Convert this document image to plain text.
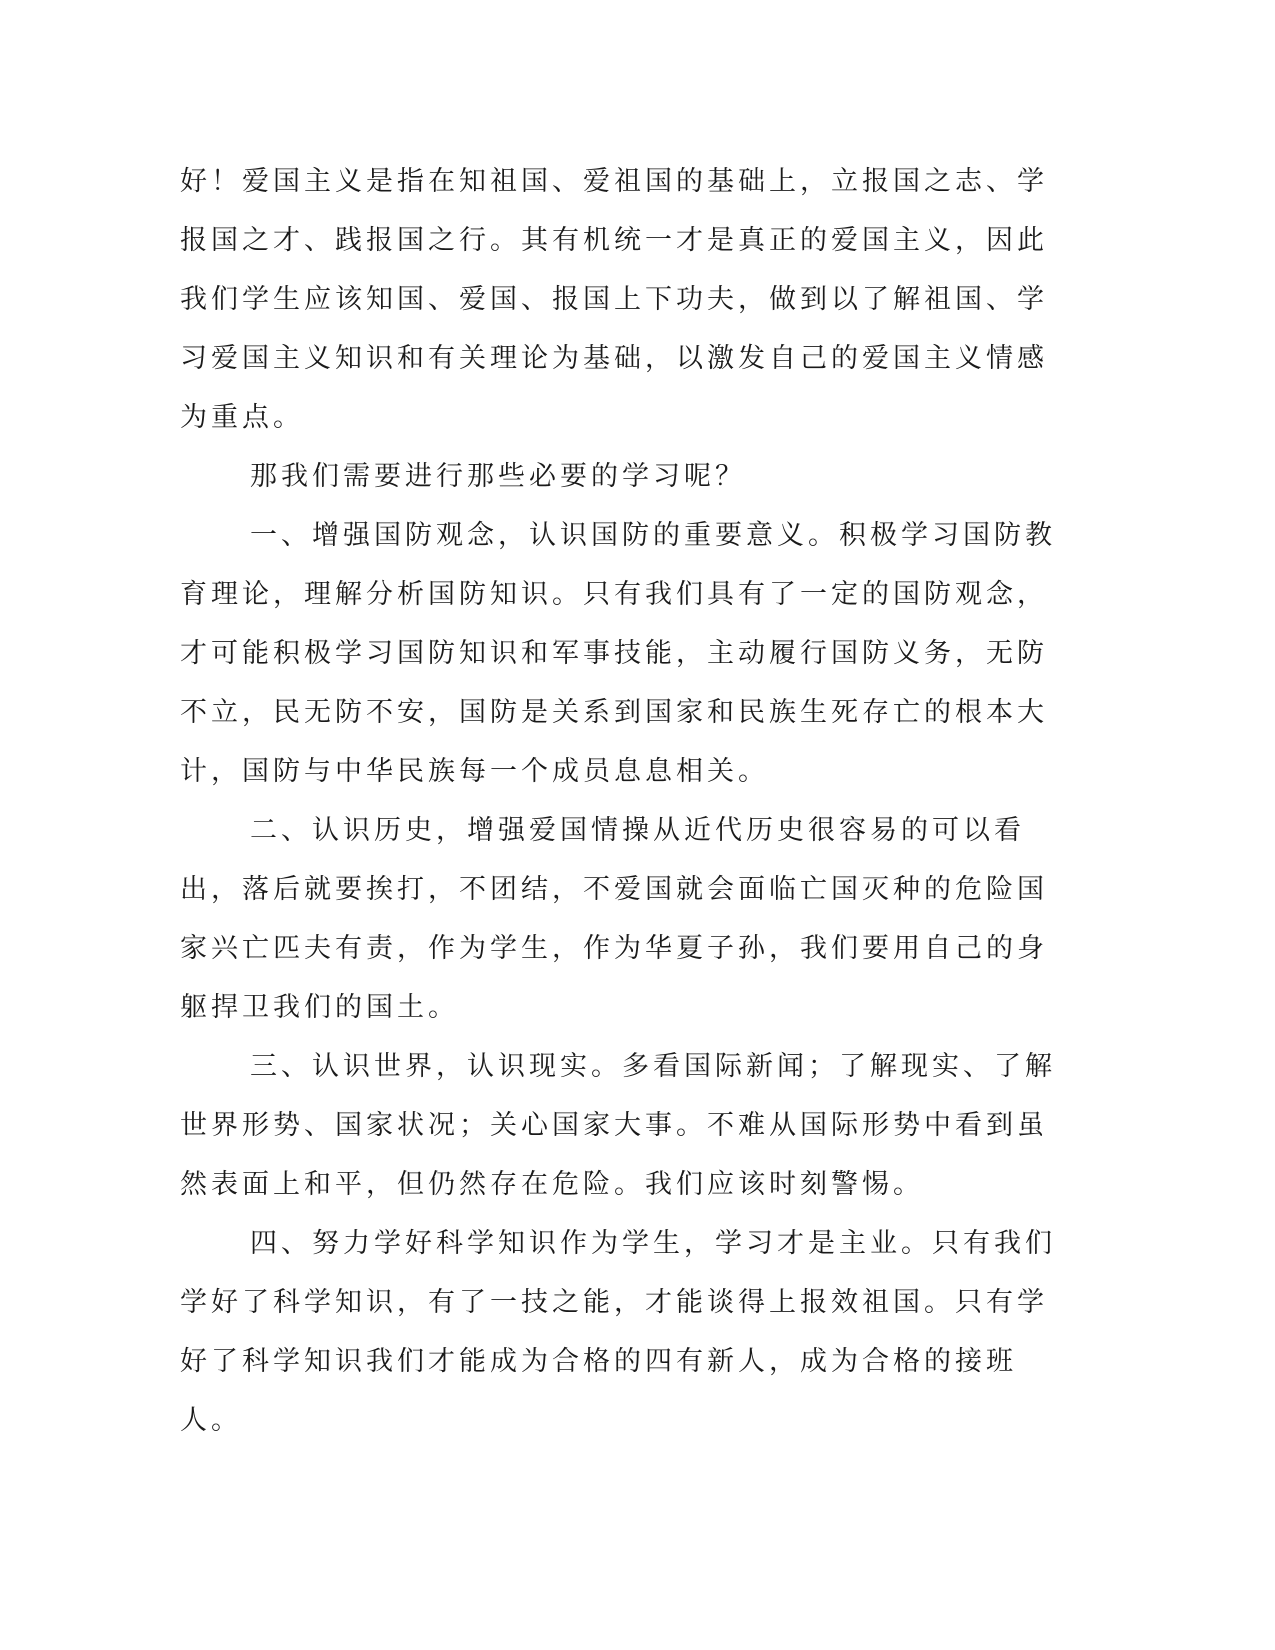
好！爱国主义是指在知祖国、爱祖国的基础上，立报国之志、学报国之才、践报国之行。其有机统一才是真正的爱国主义，因此我们学生应该知国、爱国、报国上下功夫，做到以了解祖国、学习爱国主义知识和有关理论为基础，以激发自己的爱国主义情感为重点。

那我们需要进行那些必要的学习呢？

一、增强国防观念，认识国防的重要意义。积极学习国防教育理论，理解分析国防知识。只有我们具有了一定的国防观念，才可能积极学习国防知识和军事技能，主动履行国防义务，无防不立，民无防不安，国防是关系到国家和民族生死存亡的根本大计，国防与中华民族每一个成员息息相关。

二、认识历史，增强爱国情操从近代历史很容易的可以看出，落后就要挨打，不团结，不爱国就会面临亡国灭种的危险国家兴亡匹夫有责，作为学生，作为华夏子孙，我们要用自己的身躯捍卫我们的国土。

三、认识世界，认识现实。多看国际新闻；了解现实、了解世界形势、国家状况；关心国家大事。不难从国际形势中看到虽然表面上和平，但仍然存在危险。我们应该时刻警惕。

四、努力学好科学知识作为学生，学习才是主业。只有我们学好了科学知识，有了一技之能，才能谈得上报效祖国。只有学好了科学知识我们才能成为合格的四有新人，成为合格的接班人。
